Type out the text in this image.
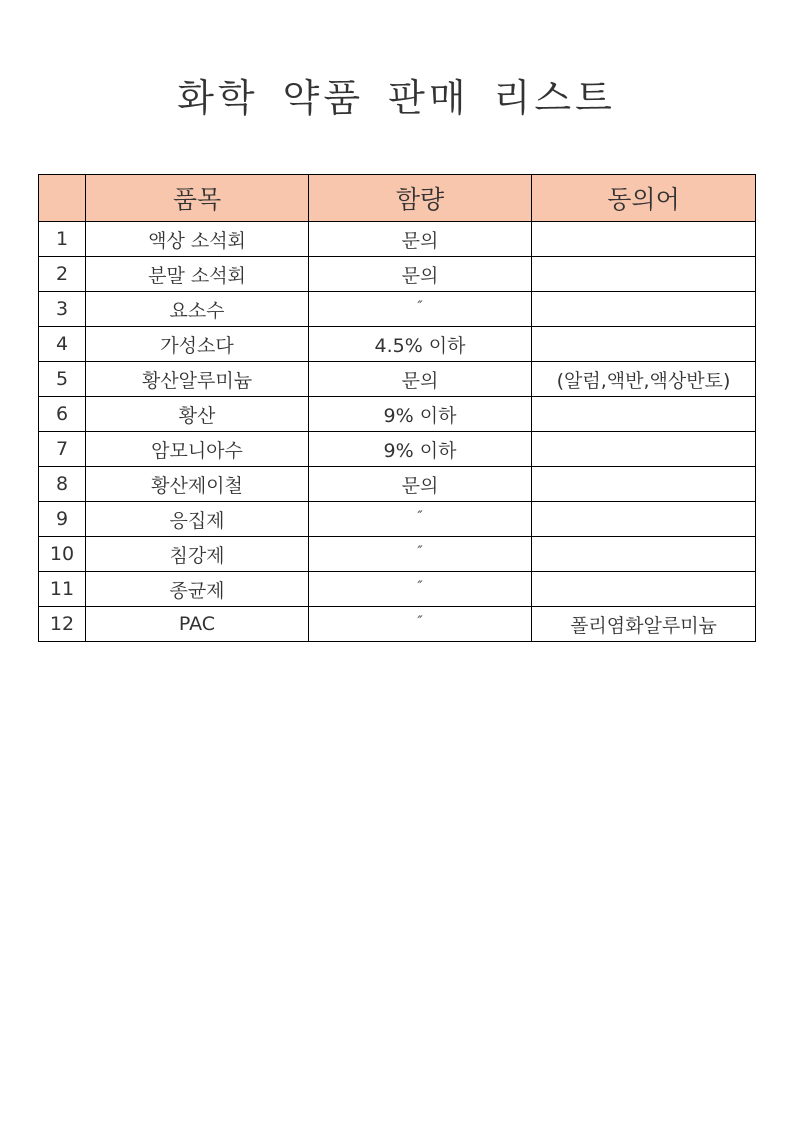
화학 약품 판매 리스트
	품목	함량	동의어
1	액상 소석회	문의	
2	분말 소석회	문의	
3	요소수	″	
4	가성소다	4.5% 이하	
5	황산알루미늄	문의	(알럼,액반,액상반토)
6	황산	9% 이하	
7	암모니아수	9% 이하	
8	황산제이철	문의	
9	응집제	″	
10	침강제	″	
11	종균제	″	
12	PAC	″	폴리염화알루미늄
